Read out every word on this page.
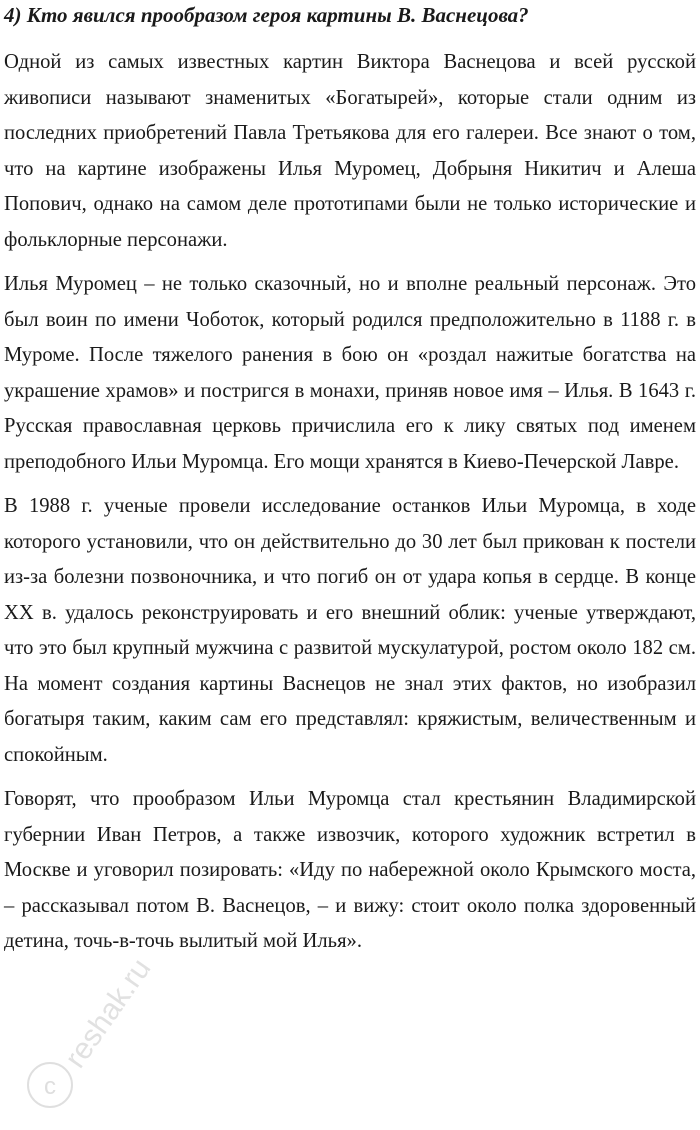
4) Кто явился прообразом героя картины В. Васнецова?

Одной из самых известных картин Виктора Васнецова и всей русской живописи называют знаменитых «Богатырей», которые стали одним из последних приобретений Павла Третьякова для его галереи. Все знают о том, что на картине изображены Илья Муромец, Добрыня Никитич и Алеша Попович, однако на самом деле прототипами были не только исторические и фольклорные персонажи.

Илья Муромец – не только сказочный, но и вполне реальный персонаж. Это был воин по имени Чоботок, который родился предположительно в 1188 г. в Муроме. После тяжелого ранения в бою он «роздал нажитые богатства на украшение храмов» и постригся в монахи, приняв новое имя – Илья. В 1643 г. Русская православная церковь причислила его к лику святых под именем преподобного Ильи Муромца. Его мощи хранятся в Киево-Печерской Лавре.

В 1988 г. ученые провели исследование останков Ильи Муромца, в ходе которого установили, что он действительно до 30 лет был прикован к постели из-за болезни позвоночника, и что погиб он от удара копья в сердце. В конце XX в. удалось реконструировать и его внешний облик: ученые утверждают, что это был крупный мужчина с развитой мускулатурой, ростом около 182 см. На момент создания картины Васнецов не знал этих фактов, но изобразил богатыря таким, каким сам его представлял: кряжистым, величественным и спокойным.

Говорят, что прообразом Ильи Муромца стал крестьянин Владимирской губернии Иван Петров, а также извозчик, которого художник встретил в Москве и уговорил позировать: «Иду по набережной около Крымского моста, – рассказывал потом В. Васнецов, – и вижу: стоит около полка здоровенный детина, точь-в-точь вылитый мой Илья».

c
reshak.ru
